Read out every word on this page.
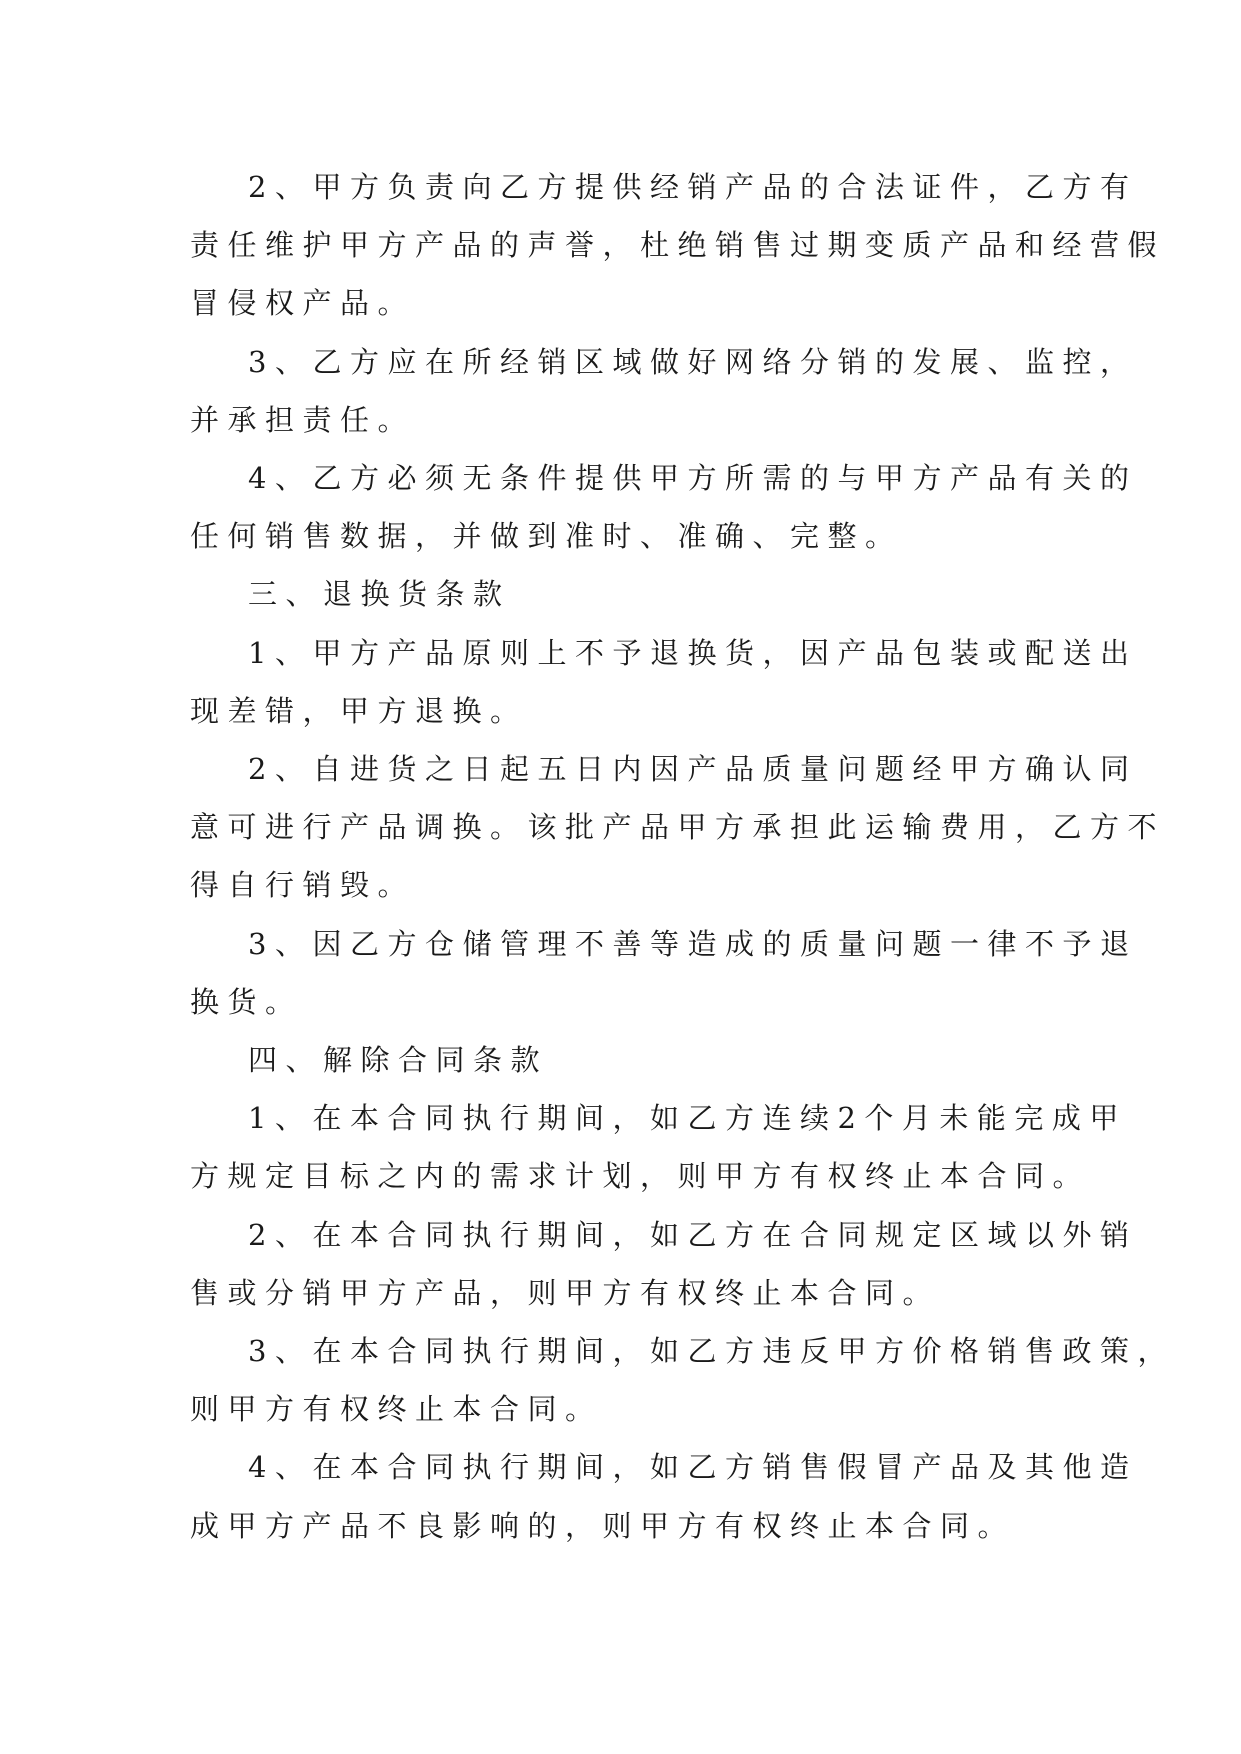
2、甲方负责向乙方提供经销产品的合法证件，乙方有
责任维护甲方产品的声誉，杜绝销售过期变质产品和经营假
冒侵权产品。

3、乙方应在所经销区域做好网络分销的发展、监控，
并承担责任。

4、乙方必须无条件提供甲方所需的与甲方产品有关的
任何销售数据，并做到准时、准确、完整。

三、退换货条款

1、甲方产品原则上不予退换货，因产品包装或配送出
现差错，甲方退换。

2、自进货之日起五日内因产品质量问题经甲方确认同
意可进行产品调换。该批产品甲方承担此运输费用，乙方不
得自行销毁。

3、因乙方仓储管理不善等造成的质量问题一律不予退
换货。

四、解除合同条款

1、在本合同执行期间，如乙方连续2个月未能完成甲
方规定目标之内的需求计划，则甲方有权终止本合同。

2、在本合同执行期间，如乙方在合同规定区域以外销
售或分销甲方产品，则甲方有权终止本合同。

3、在本合同执行期间，如乙方违反甲方价格销售政策，
则甲方有权终止本合同。

4、在本合同执行期间，如乙方销售假冒产品及其他造
成甲方产品不良影响的，则甲方有权终止本合同。
